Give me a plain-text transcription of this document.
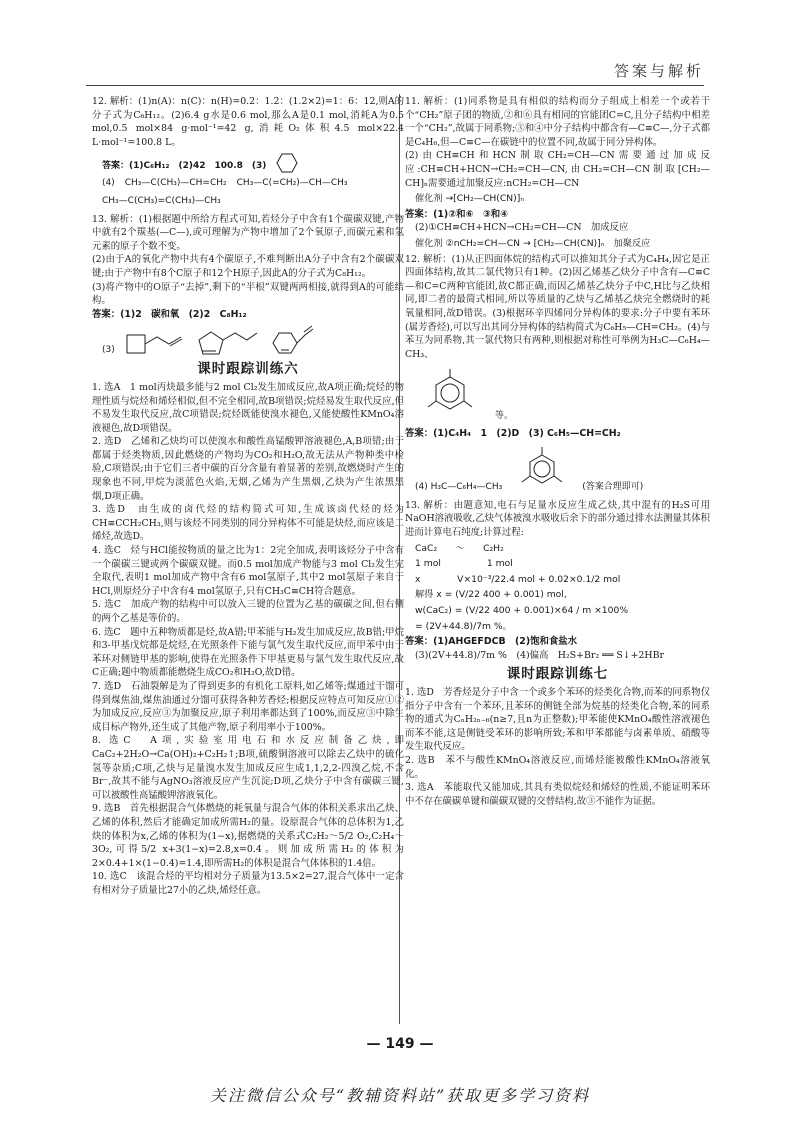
答案与解析

12. 解析：(1)n(A)：n(C)：n(H)=0.2：1.2：(1.2×2)=1：6：12,则A的分子式为C₆H₁₂。(2)6.4 g水是0.6 mol,那么A是0.1 mol,消耗A为0.5 mol,0.5 mol×84 g·mol⁻¹=42 g,消耗O₂体积4.5 mol×22.4 L·mol⁻¹=100.8 L。

答案：(1)C₆H₁₂　(2)42　100.8　(3)
(4) CH₃—C(CH₃)—CH=CH₂ CH₃—C(=CH₂)—CH—CH₃
CH₃—C(CH₃)=C(CH₃)—CH₃

13. 解析：(1)根据题中所给方程式可知,若烃分子中含有1个碳碳双键,产物中就有2个羰基(—C—),或可理解为产物中增加了2个氧原子,而碳元素和氢元素的原子个数不变。

(2)由于A的氧化产物中共有4个碳原子,不难判断出A分子中含有2个碳碳双键;由于产物中有8个C原子和12个H原子,因此A的分子式为C₈H₁₂。

(3)将产物中的O原子“去掉”,剩下的“半根”双键两两相接,就得到A的可能结构。

答案：(1)2　碳和氧　(2)2　C₈H₁₂

(3)
课时跟踪训练六

1. 选A　1 mol丙炔最多能与2 mol Cl₂发生加成反应,故A项正确;烷烃的物理性质与烷烃和烯烃相似,但不完全相同,故B项错误;烷烃易发生取代反应,但不易发生取代反应,故C项错误;烷烃既能使溴水褪色,又能使酸性KMnO₄溶液褪色,故D项错误。

2. 选D　乙烯和乙炔均可以使溴水和酸性高锰酸钾溶液褪色,A,B项错;由于都属于烃类物质,因此燃烧的产物均为CO₂和H₂O,故无法从产物种类中检验,C项错误;由于它们三者中碳的百分含量有着显著的差别,故燃烧时产生的现象也不同,甲烷为淡蓝色火焰,无烟,乙烯为产生黑烟,乙炔为产生浓黑黑烟,D项正确。

3. 选D　由生成的卤代烃的结构简式可知,生成该卤代烃的烃为CH≡CCH₂CH₃,则与该烃不同类别的同分异构体不可能是炔烃,而应该是二烯烃,故选D。

4. 选C　烃与HCl能按物质的量之比为1：2完全加成,表明该烃分子中含有一个碳碳三键或两个碳碳双键。而0.5 mol加成产物能与3 mol Cl₂发生完全取代,表明1 mol加成产物中含有6 mol氢原子,其中2 mol氢原子来自于HCl,则原烃分子中含有4 mol氢原子,只有CH₃C≡CH符合题意。

5. 选C　加成产物的结构中可以放入三键的位置为乙基的碳碳之间,但右侧的两个乙基是等价的。

6. 选C　题中五种物质都是烃,故A错;甲苯能与H₂发生加成反应,故B错;甲烷和3-甲基戊烷都是烷烃,在光照条件下能与氯气发生取代反应,而甲苯中由于苯环对侧链甲基的影响,使得在光照条件下甲基更易与氯气发生取代反应,故C正确;题中物质都能燃烧生成CO₂和H₂O,故D错。

7. 选D　石油裂解是为了得到更多的有机化工原料,如乙烯等;煤通过干馏可得到煤焦油,煤焦油通过分馏可获得各种芳香烃;根据反应特点可知反应①②为加成反应,反应③为加聚反应,原子利用率都达到了100%,而反应③中除生成目标产物外,还生成了其他产物,原子利用率小于100%。

8. 选C　A项,实验室用电石和水反应制备乙炔,即CaC₂+2H₂O→Ca(OH)₂+C₂H₂↑;B项,硫酸铜溶液可以除去乙炔中的硫化氢等杂质;C项,乙炔与足量溴水发生加成反应生成1,1,2,2-四溴乙烷,不含Br⁻,故其不能与AgNO₃溶液反应产生沉淀;D项,乙炔分子中含有碳碳三键,可以被酸性高锰酸钾溶液氧化。

9. 选B　首先根据混合气体燃烧的耗氧量与混合气体的体积关系求出乙炔、乙烯的体积,然后才能确定加成所需H₂的量。设原混合气体的总体积为1,乙炔的体积为x,乙烯的体积为(1−x),据燃烧的关系式C₂H₂～5/2 O₂,C₂H₄～3O₂,可得5/2 x+3(1−x)=2.8,x=0.4。则加成所需H₂的体积为2×0.4+1×(1−0.4)=1.4,即所需H₂的体积是混合气体体积的1.4倍。

10. 选C　该混合烃的平均相对分子质量为13.5×2=27,混合气体中一定含有相对分子质量比27小的乙炔,烯烃任意。

11. 解析：(1)同系物是具有相似的结构而分子组成上相差一个或若干个“CH₂”原子团的物质,②和⑥具有相同的官能团C=C,且分子结构中相差一个“CH₂”,故属于同系物;③和④中分子结构中都含有—C≡C—,分子式都是C₄H₆,但—C≡C—在碳链中的位置不同,故属于同分异构体。

(2)由CH≡CH和HCN制取CH₂=CH—CN需要通过加成反应:CH≡CH+HCN→CH₂=CH—CN,由CH₂=CH—CN制取[CH₂—CH]ₙ需要通过加聚反应:nCH₂=CH—CN

催化剂 →[CH₂—CH(CN)]ₙ

答案：(1)②和⑥　③和④

(2)①CH≡CH+HCN→CH₂=CH—CN　加成反应

催化剂 ②nCH₂=CH—CN → [CH₂—CH(CN)]ₙ　加聚反应

12. 解析：(1)从正四面体烷的结构式可以推知其分子式为C₄H₄,因它是正四面体结构,故其二氯代物只有1种。(2)因乙烯基乙炔分子中含有—C≡C—和C=C两种官能团,故C都正确,而因乙烯基乙炔分子中C,H比与乙炔相同,即二者的最简式相同,所以等质量的乙炔与乙烯基乙炔完全燃烧时的耗氧量相同,故D错误。(3)根据环辛四烯同分异构体的要求:分子中要有苯环(属芳香烃),可以写出其同分异构体的结构简式为C₆H₅—CH=CH₂。(4)与苯互为同系物,其一氯代物只有两种,则根据对称性可举例为H₃C—C₆H₄—CH₃、

等。

答案：(1)C₄H₄　1　(2)D　(3) C₆H₅—CH=CH₂

(4) H₃C—C₆H₄—CH₃	(答案合理即可)

13. 解析：由题意知,电石与足量水反应生成乙炔,其中混有的H₂S可用NaOH溶液吸收,乙炔气体被溴水吸收后余下的部分通过排水法测量其体积进而计算电石纯度;计算过程:

CaC₂　　～　　C₂H₂
1 mol　　　　　1 mol
x　　　　V×10⁻³/22.4 mol + 0.02×0.1/2 mol
解得 x = (V/22 400 + 0.001) mol,
w(CaC₂) = (V/22 400 + 0.001)×64 / m ×100%
= (2V+44.8)/7m %。

答案：(1)AHGEFDCB　(2)饱和食盐水

(3)(2V+44.8)/7m %　(4)偏高　H₂S+Br₂ ══ S↓+2HBr

课时跟踪训练七

1. 选D　芳香烃是分子中含一个或多个苯环的烃类化合物,而苯的同系物仅指分子中含有一个苯环,且苯环的侧链全部为烷基的烃类化合物,苯的同系物的通式为CₙH₂ₙ₋₆(n≥7,且n为正整数);甲苯能使KMnO₄酸性溶液褪色而苯不能,这是侧链受苯环的影响所致;苯和甲苯都能与卤素单质、硝酸等发生取代反应。

2. 选B　苯不与酸性KMnO₄溶液反应,而烯烃能被酸性KMnO₄溶液氧化。

3. 选A　苯能取代又能加成,其具有类似烷烃和烯烃的性质,不能证明苯环中不存在碳碳单键和碳碳双键的交替结构,故③不能作为证据。

— 149 —
关注微信公众号“教辅资料站”获取更多学习资料
